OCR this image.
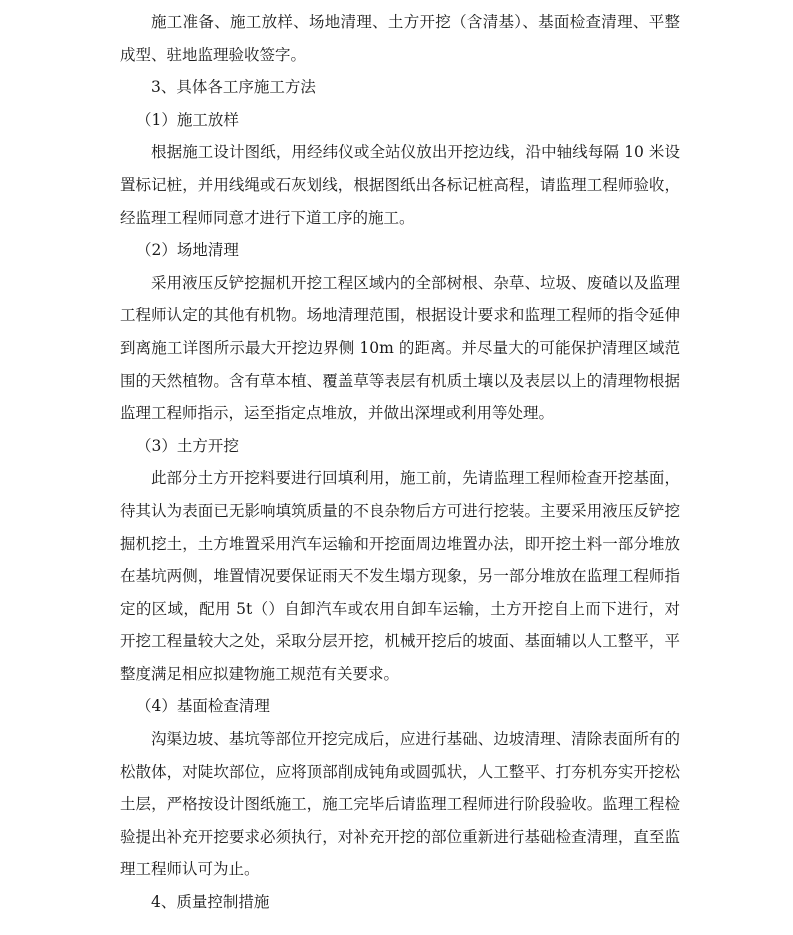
施工准备、施工放样、场地清理、土方开挖（含清基）、基面检查清理、平整成型、驻地监理验收签字。

3、具体各工序施工方法

（1）施工放样

根据施工设计图纸，用经纬仪或全站仪放出开挖边线，沿中轴线每隔 10 米设置标记桩，并用线绳或石灰划线，根据图纸出各标记桩高程，请监理工程师验收，经监理工程师同意才进行下道工序的施工。

（2）场地清理

采用液压反铲挖掘机开挖工程区域内的全部树根、杂草、垃圾、废碴以及监理工程师认定的其他有机物。场地清理范围，根据设计要求和监理工程师的指令延伸到离施工详图所示最大开挖边界侧 10m 的距离。并尽量大的可能保护清理区域范围的天然植物。含有草本植、覆盖草等表层有机质土壤以及表层以上的清理物根据监理工程师指示，运至指定点堆放，并做出深埋或利用等处理。

（3）土方开挖

此部分土方开挖料要进行回填利用，施工前，先请监理工程师检查开挖基面，待其认为表面已无影响填筑质量的不良杂物后方可进行挖装。主要采用液压反铲挖掘机挖土，土方堆置采用汽车运输和开挖面周边堆置办法，即开挖土料一部分堆放在基坑两侧，堆置情况要保证雨天不发生塌方现象，另一部分堆放在监理工程师指定的区域，配用 5t（）自卸汽车或农用自卸车运输，土方开挖自上而下进行，对开挖工程量较大之处，采取分层开挖，机械开挖后的坡面、基面辅以人工整平，平整度满足相应拟建物施工规范有关要求。

（4）基面检查清理

沟渠边坡、基坑等部位开挖完成后，应进行基础、边坡清理、清除表面所有的松散体，对陡坎部位，应将顶部削成钝角或圆弧状，人工整平、打夯机夯实开挖松土层，严格按设计图纸施工，施工完毕后请监理工程师进行阶段验收。监理工程检验提出补充开挖要求必须执行，对补充开挖的部位重新进行基础检查清理，直至监理工程师认可为止。

4、质量控制措施
